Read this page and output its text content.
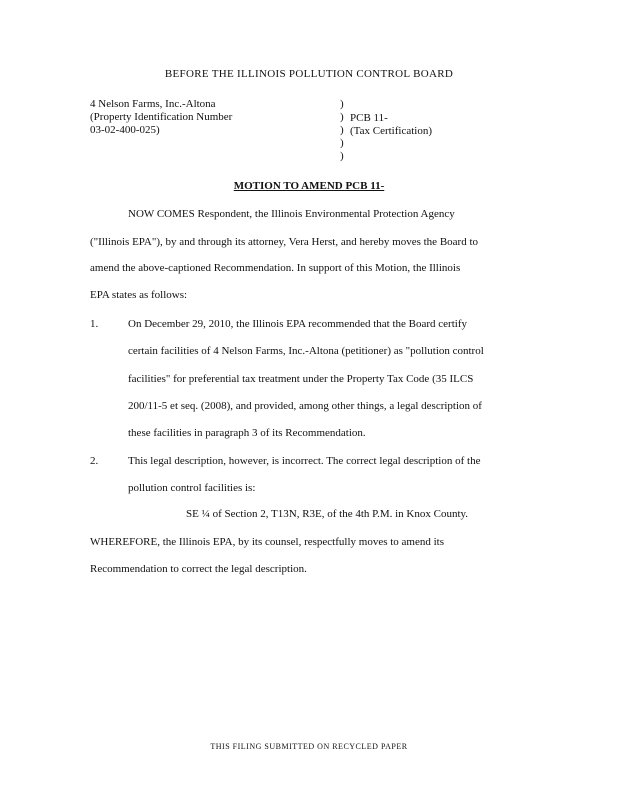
BEFORE THE ILLINOIS POLLUTION CONTROL BOARD
4 Nelson Farms, Inc.-Altona
(Property Identification Number
03-02-400-025)
)
)
)
)
)
PCB 11-
(Tax Certification)
MOTION TO AMEND PCB 11-
NOW COMES Respondent, the Illinois Environmental Protection Agency
("Illinois EPA"), by and through its attorney, Vera Herst, and hereby moves the Board to
amend the above-captioned Recommendation. In support of this Motion, the Illinois
EPA states as follows:
1.	On December 29, 2010, the Illinois EPA recommended that the Board certify
certain facilities of 4 Nelson Farms, Inc.-Altona (petitioner) as "pollution control
facilities" for preferential tax treatment under the Property Tax Code (35 ILCS
200/11-5 et seq. (2008), and provided, among other things, a legal description of
these facilities in paragraph 3 of its Recommendation.
2.	This legal description, however, is incorrect. The correct legal description of the
pollution control facilities is:
SE ¼ of Section 2, T13N, R3E, of the 4th P.M. in Knox County.
WHEREFORE, the Illinois EPA, by its counsel, respectfully moves to amend its
Recommendation to correct the legal description.
THIS FILING SUBMITTED ON RECYCLED PAPER
